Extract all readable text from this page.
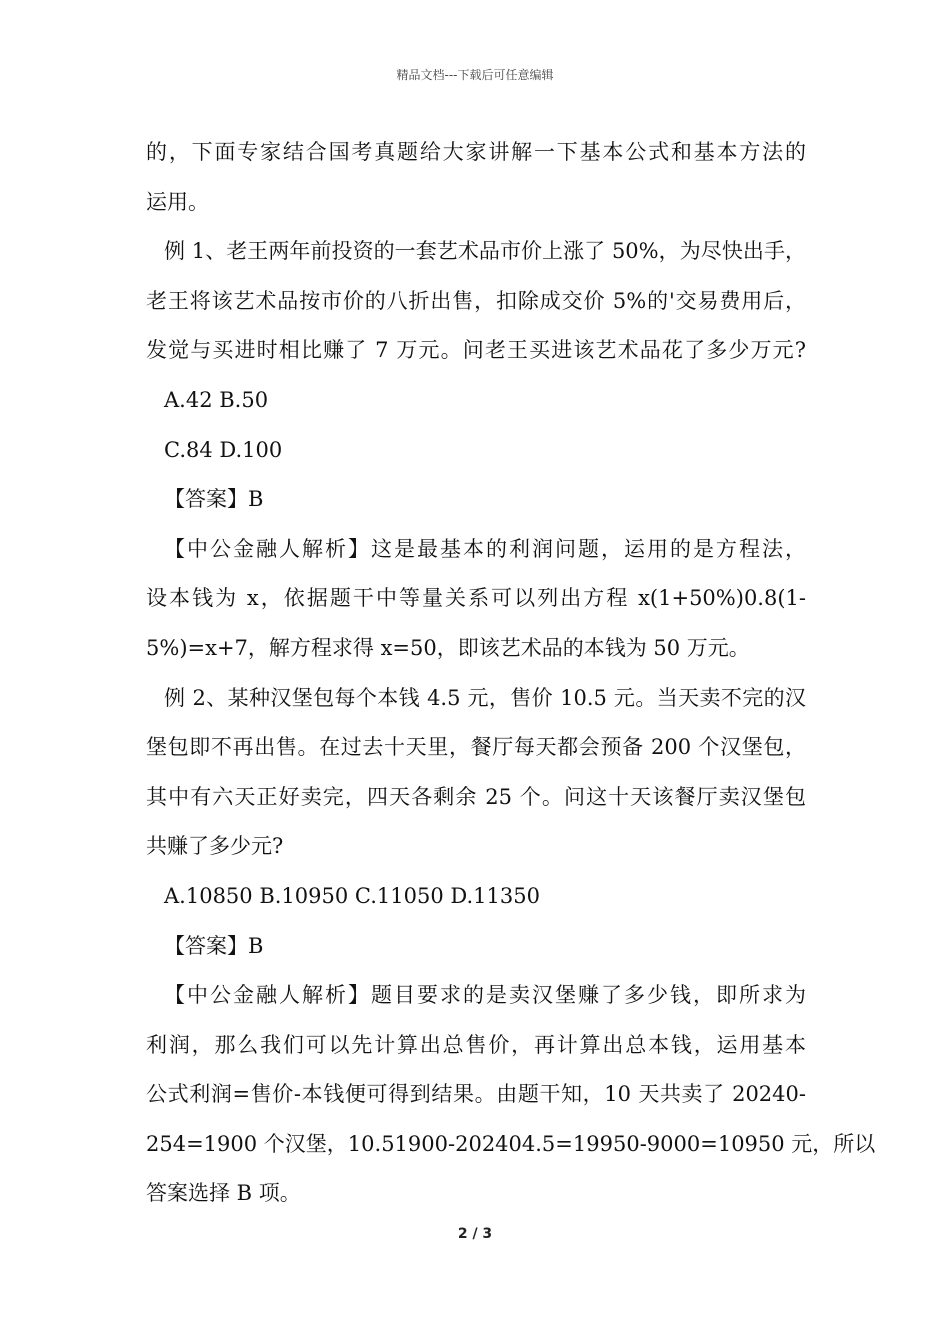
精品文档---下载后可任意编辑
的，下面专家结合国考真题给大家讲解一下基本公式和基本方法的
运用。
例 1、老王两年前投资的一套艺术品市价上涨了 50%，为尽快出手，
老王将该艺术品按市价的八折出售，扣除成交价 5%的'交易费用后，
发觉与买进时相比赚了 7 万元。问老王买进该艺术品花了多少万元?
A.42 B.50
C.84 D.100
【答案】B
【中公金融人解析】这是最基本的利润问题，运用的是方程法，
设本钱为 x，依据题干中等量关系可以列出方程 x(1+50%)0.8(1-
5%)=x+7，解方程求得 x=50，即该艺术品的本钱为 50 万元。
例 2、某种汉堡包每个本钱 4.5 元，售价 10.5 元。当天卖不完的汉
堡包即不再出售。在过去十天里，餐厅每天都会预备 200 个汉堡包，
其中有六天正好卖完，四天各剩余 25 个。问这十天该餐厅卖汉堡包
共赚了多少元?
A.10850 B.10950 C.11050 D.11350
【答案】B
【中公金融人解析】题目要求的是卖汉堡赚了多少钱，即所求为
利润，那么我们可以先计算出总售价，再计算出总本钱，运用基本
公式利润=售价-本钱便可得到结果。由题干知，10 天共卖了 20240-
254=1900 个汉堡，10.51900-202404.5=19950-9000=10950 元，所以
答案选择 B 项。
2 / 3
